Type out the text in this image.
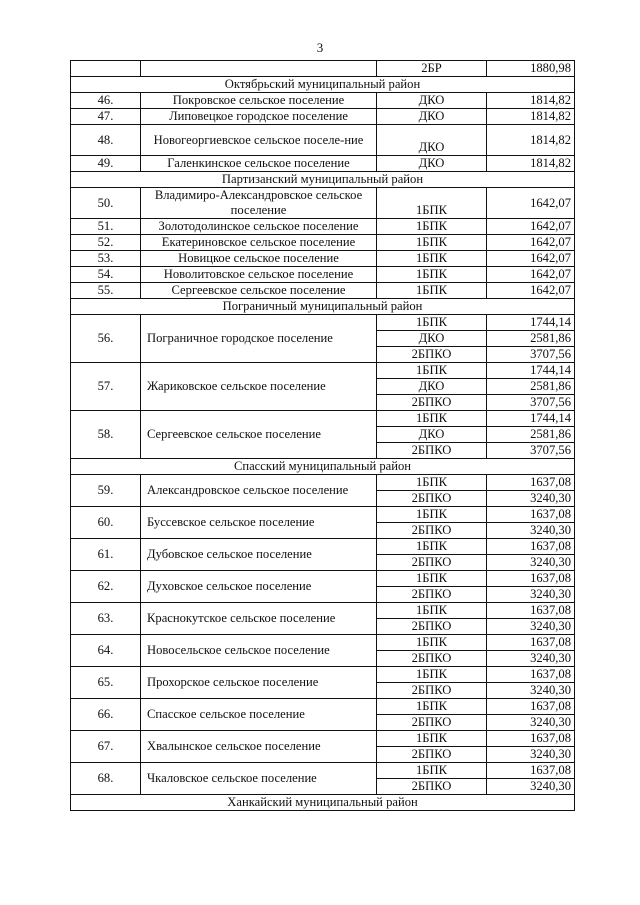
3
		2БР	1880,98
Октябрьский муниципальный район			
46.	Покровское сельское поселение	ДКО	1814,82
47.	Липовецкое городское поселение	ДКО	1814,82
48.	Новогеоргиевское сельское поселе-ние	ДКО	1814,82
49.	Галенкинское сельское поселение	ДКО	1814,82
Партизанский муниципальный район			
50.	Владимиро-Александровское сельское поселение	1БПК	1642,07
51.	Золотодолинское сельское поселение	1БПК	1642,07
52.	Екатериновское сельское поселение	1БПК	1642,07
53.	Новицкое сельское поселение	1БПК	1642,07
54.	Новолитовское сельское поселение	1БПК	1642,07
55.	Сергеевское сельское поселение	1БПК	1642,07
Пограничный муниципальный район			
56.	Пограничное городское поселение	1БПК	1744,14
		ДКО	2581,86
		2БПКО	3707,56
57.	Жариковское сельское поселение	1БПК	1744,14
		ДКО	2581,86
		2БПКО	3707,56
58.	Сергеевское сельское поселение	1БПК	1744,14
		ДКО	2581,86
		2БПКО	3707,56
Спасский муниципальный район			
59.	Александровское сельское поселение	1БПК	1637,08
		2БПКО	3240,30
60.	Буссевское сельское поселение	1БПК	1637,08
		2БПКО	3240,30
61.	Дубовское сельское поселение	1БПК	1637,08
		2БПКО	3240,30
62.	Духовское сельское поселение	1БПК	1637,08
		2БПКО	3240,30
63.	Краснокутское сельское поселение	1БПК	1637,08
		2БПКО	3240,30
64.	Новосельское сельское поселение	1БПК	1637,08
		2БПКО	3240,30
65.	Прохорское сельское поселение	1БПК	1637,08
		2БПКО	3240,30
66.	Спасское сельское поселение	1БПК	1637,08
		2БПКО	3240,30
67.	Хвалынское сельское поселение	1БПК	1637,08
		2БПКО	3240,30
68.	Чкаловское сельское поселение	1БПК	1637,08
		2БПКО	3240,30
Ханкайский муниципальный район			
